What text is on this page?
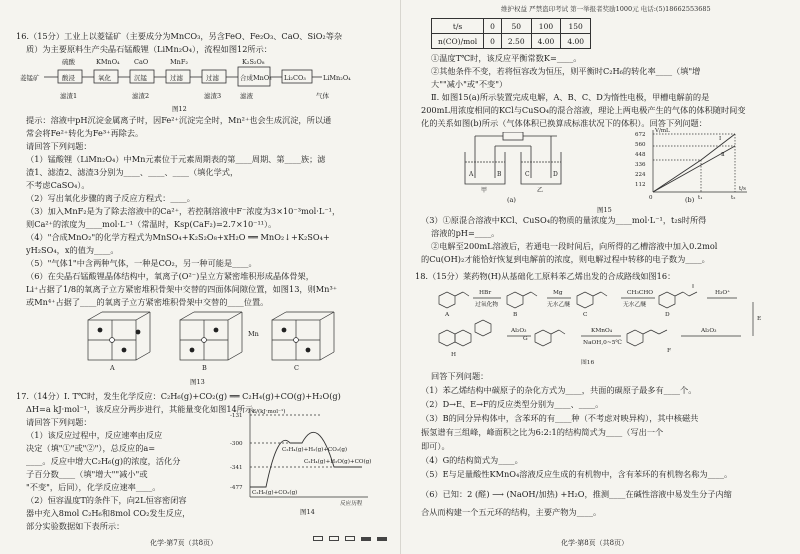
16.（15分）工业上以菱锰矿（主要成分为MnCO₃，另含FeO、Fe₂O₃、CaO、SiO₂等杂
质）为主要原料生产尖晶石锰酸锂（LiMn₂O₄），流程如图12所示：
菱锰矿	酸浸	氧化	沉锰	过滤	过滤	合成MnO₂ Li₂CO₃	LiMn₂O₄
硫酸	KMnO₄ CaO	MnF₂	K₂S₂O₈
滤渣1	滤渣2	滤渣3	滤液	气体
图12
提示：溶液中pH沉淀金属离子时，因Fe²⁺沉淀完全时，Mn²⁺也会生成沉淀，所以通
常会将Fe²⁺转化为Fe³⁺再除去。
请回答下列问题：
（1）锰酸锂（LiMn₂O₄）中Mn元素位于元素周期表的第____周期、第____族；滤
渣1、滤渣2、滤渣3分别为____、____、____（填化学式，
不考虑CaSO₄）。
（2）写出氧化步骤的离子反应方程式：____。
（3）加入MnF₂是为了除去溶液中的Ca²⁺，若控制溶液中F⁻浓度为3×10⁻³mol·L⁻¹，
则Ca²⁺的浓度为____mol·L⁻¹（常温时，Ksp(CaF₂)=2.7×10⁻¹¹）。
（4）"合成MnO₂"的化学方程式为MnSO₄+K₂S₂O₈+xH₂O ══ MnO₂↓+K₂SO₄+
yH₂SO₄，x的值为____。
（5）"气体1"中含两种气体，一种是CO₂，另一种可能是____。
（6）在尖晶石锰酸锂晶体结构中，氧离子(O²⁻)呈立方紧密堆积形成晶体骨架，
Li⁺占据了1/8的氧离子立方紧密堆积骨架中交替的四面体间隙位置，如图13，则Mn³⁺
或Mn⁴⁺占据了____的氧离子立方紧密堆积骨架中交替的____位置。
A	B	C
Mn
图13
17.（14分）Ⅰ. T℃时，发生化学反应：C₂H₆(g)+CO₂(g) ══ C₂H₄(g)+CO(g)+H₂O(g)
ΔH=a kJ·mol⁻¹，该反应分两步进行，其能量变化如图14所示。
请回答下列问题：
（1）该反应过程中，反应速率由反应
决定（填"①"或"②"），总反应的a=
____。反应中增大C₂H₆(g)的浓度，活化分
子百分数____（填"增大""减小"或
"不变"，后同），化学反应速率____。
（2）恒容温度T的条件下，向2L恒容密闭容
器中充入8mol C₂H₆和8mol CO₂发生反应，
部分实验数据如下表所示：
E/(kJ·mol⁻¹)
-131
-300
-341
-477
C₂H₄(g)+H₂(g)+CO₂(g)
C₂H₄(g)+H₂O(g)+CO(g)
C₂H₆(g)+CO₂(g)
反应历程
图14
化学·第7页（共8页）
维护权益 严禁盗印考试 第一举报者奖励1000元 电话:(5)18662553685
t/s	0	50	100	150
n(CO)/mol	0	2.50	4.00	4.00
①温度T℃时，该反应平衡常数K=____。
②其他条件不变，若将恒容改为恒压，则平衡时C₂H₆的转化率____（填"增
大""减小"或"不变"）
Ⅱ. 如图15(a)所示装置完成电解，A、B、C、D为惰性电极，甲槽电解前的是
200mL用浓度相同的KCl与CuSO₄的混合溶液，理论上两电极产生的气体的体积随时间变
化的关系如图(b)所示（气体体积已换算成标准状况下的体积）。回答下列问题：
A	B	C	D
甲	乙
(a)
V/mL
672
560
448
336
224
112
0	t₁	t₂
t/s
Ⅰ
Ⅱ
(b)
图15
（3）①原混合溶液中KCl、CuSO₄的物质的量浓度为____mol·L⁻¹，t₂s时所得
溶液的pH=____。
②电解至200mL溶液后，若通电一段时间后，向所得的乙槽溶液中加入0.2mol
的Cu(OH)₂才能恰好恢复到电解前的浓度，则电解过程中转移的电子数为____。
18.（15分）莱药物(H)从基础化工原料苯乙烯出发的合成路线如图16：
HBr
过氧化物
Mg
无水乙醚
CH₃CHO
无水乙醚
H₃O⁺
KMnO₄
NaOH,0~5℃
Al₂O₃	Al₂O₃
A	B	C	D
E
F
G
H
图16
回答下列问题：
（1）苯乙烯结构中碳原子的杂化方式为____，共面的碳原子最多有____个。
（2）D→E、E→F的反应类型分别为____、____。
（3）B的同分异构体中，含苯环的有____种（不考虑对映异构），其中核磁共
振氢谱有三组峰，峰面积之比为6:2:1的结构简式为____（写出一个
即可）。
（4）G的结构简式为____。
（5）E与足量酸性KMnO₄溶液反应生成的有机物中，含有苯环的有机物名称为____。
（6）已知：2 (醛) ⟶ (NaOH/加热) +H₂O，推测____在碱性溶液中易发生分子内缩
合从而构建一个五元环的结构，主要产物为____。
化学·第8页（共8页）
